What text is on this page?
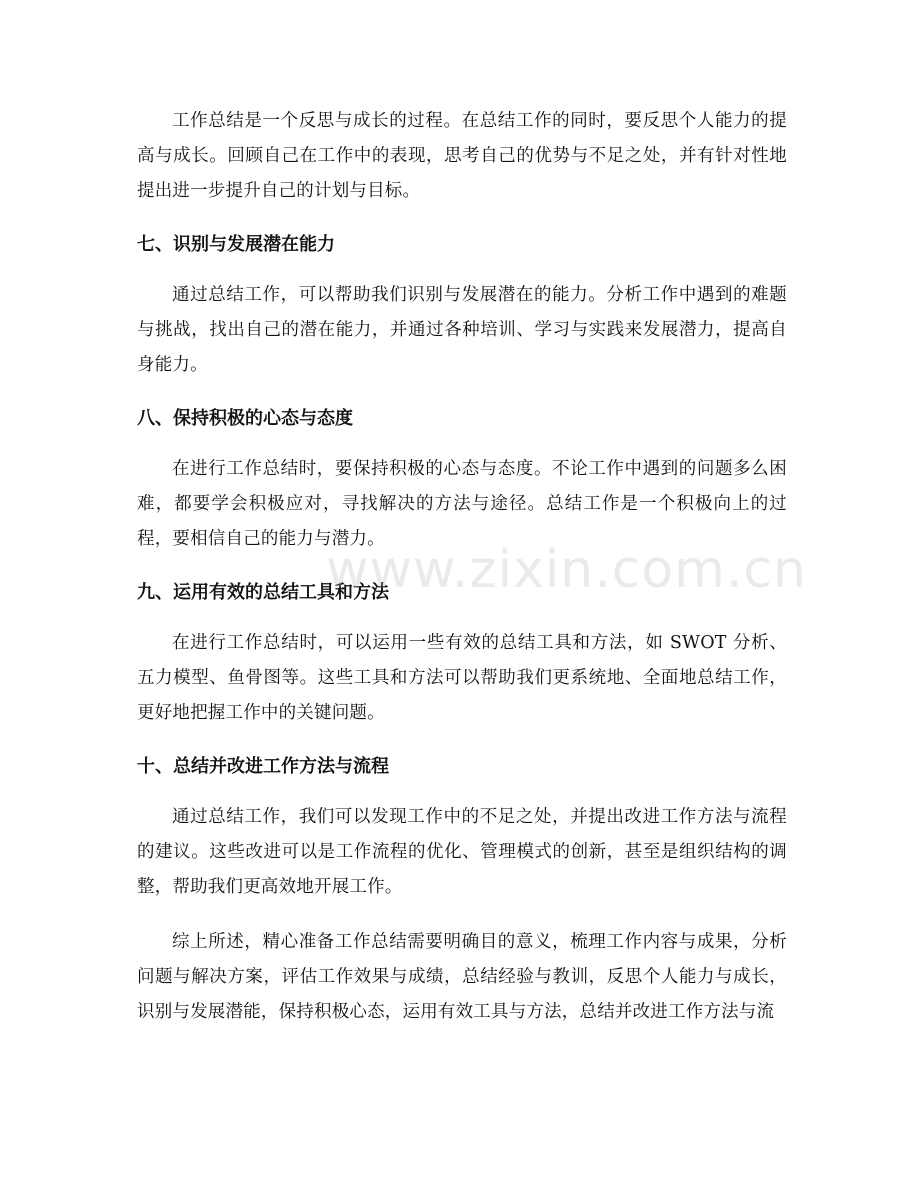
工作总结是一个反思与成长的过程。在总结工作的同时，要反思个人能力的提高与成长。回顾自己在工作中的表现，思考自己的优势与不足之处，并有针对性地提出进一步提升自己的计划与目标。

七、识别与发展潜在能力

通过总结工作，可以帮助我们识别与发展潜在的能力。分析工作中遇到的难题与挑战，找出自己的潜在能力，并通过各种培训、学习与实践来发展潜力，提高自身能力。

八、保持积极的心态与态度

在进行工作总结时，要保持积极的心态与态度。不论工作中遇到的问题多么困难，都要学会积极应对，寻找解决的方法与途径。总结工作是一个积极向上的过程，要相信自己的能力与潜力。

九、运用有效的总结工具和方法

在进行工作总结时，可以运用一些有效的总结工具和方法，如 SWOT 分析、五力模型、鱼骨图等。这些工具和方法可以帮助我们更系统地、全面地总结工作，更好地把握工作中的关键问题。

十、总结并改进工作方法与流程

通过总结工作，我们可以发现工作中的不足之处，并提出改进工作方法与流程的建议。这些改进可以是工作流程的优化、管理模式的创新，甚至是组织结构的调整，帮助我们更高效地开展工作。

综上所述，精心准备工作总结需要明确目的意义，梳理工作内容与成果，分析问题与解决方案，评估工作效果与成绩，总结经验与教训，反思个人能力与成长，识别与发展潜能，保持积极心态，运用有效工具与方法，总结并改进工作方法与流

www.zixin.com.cn
